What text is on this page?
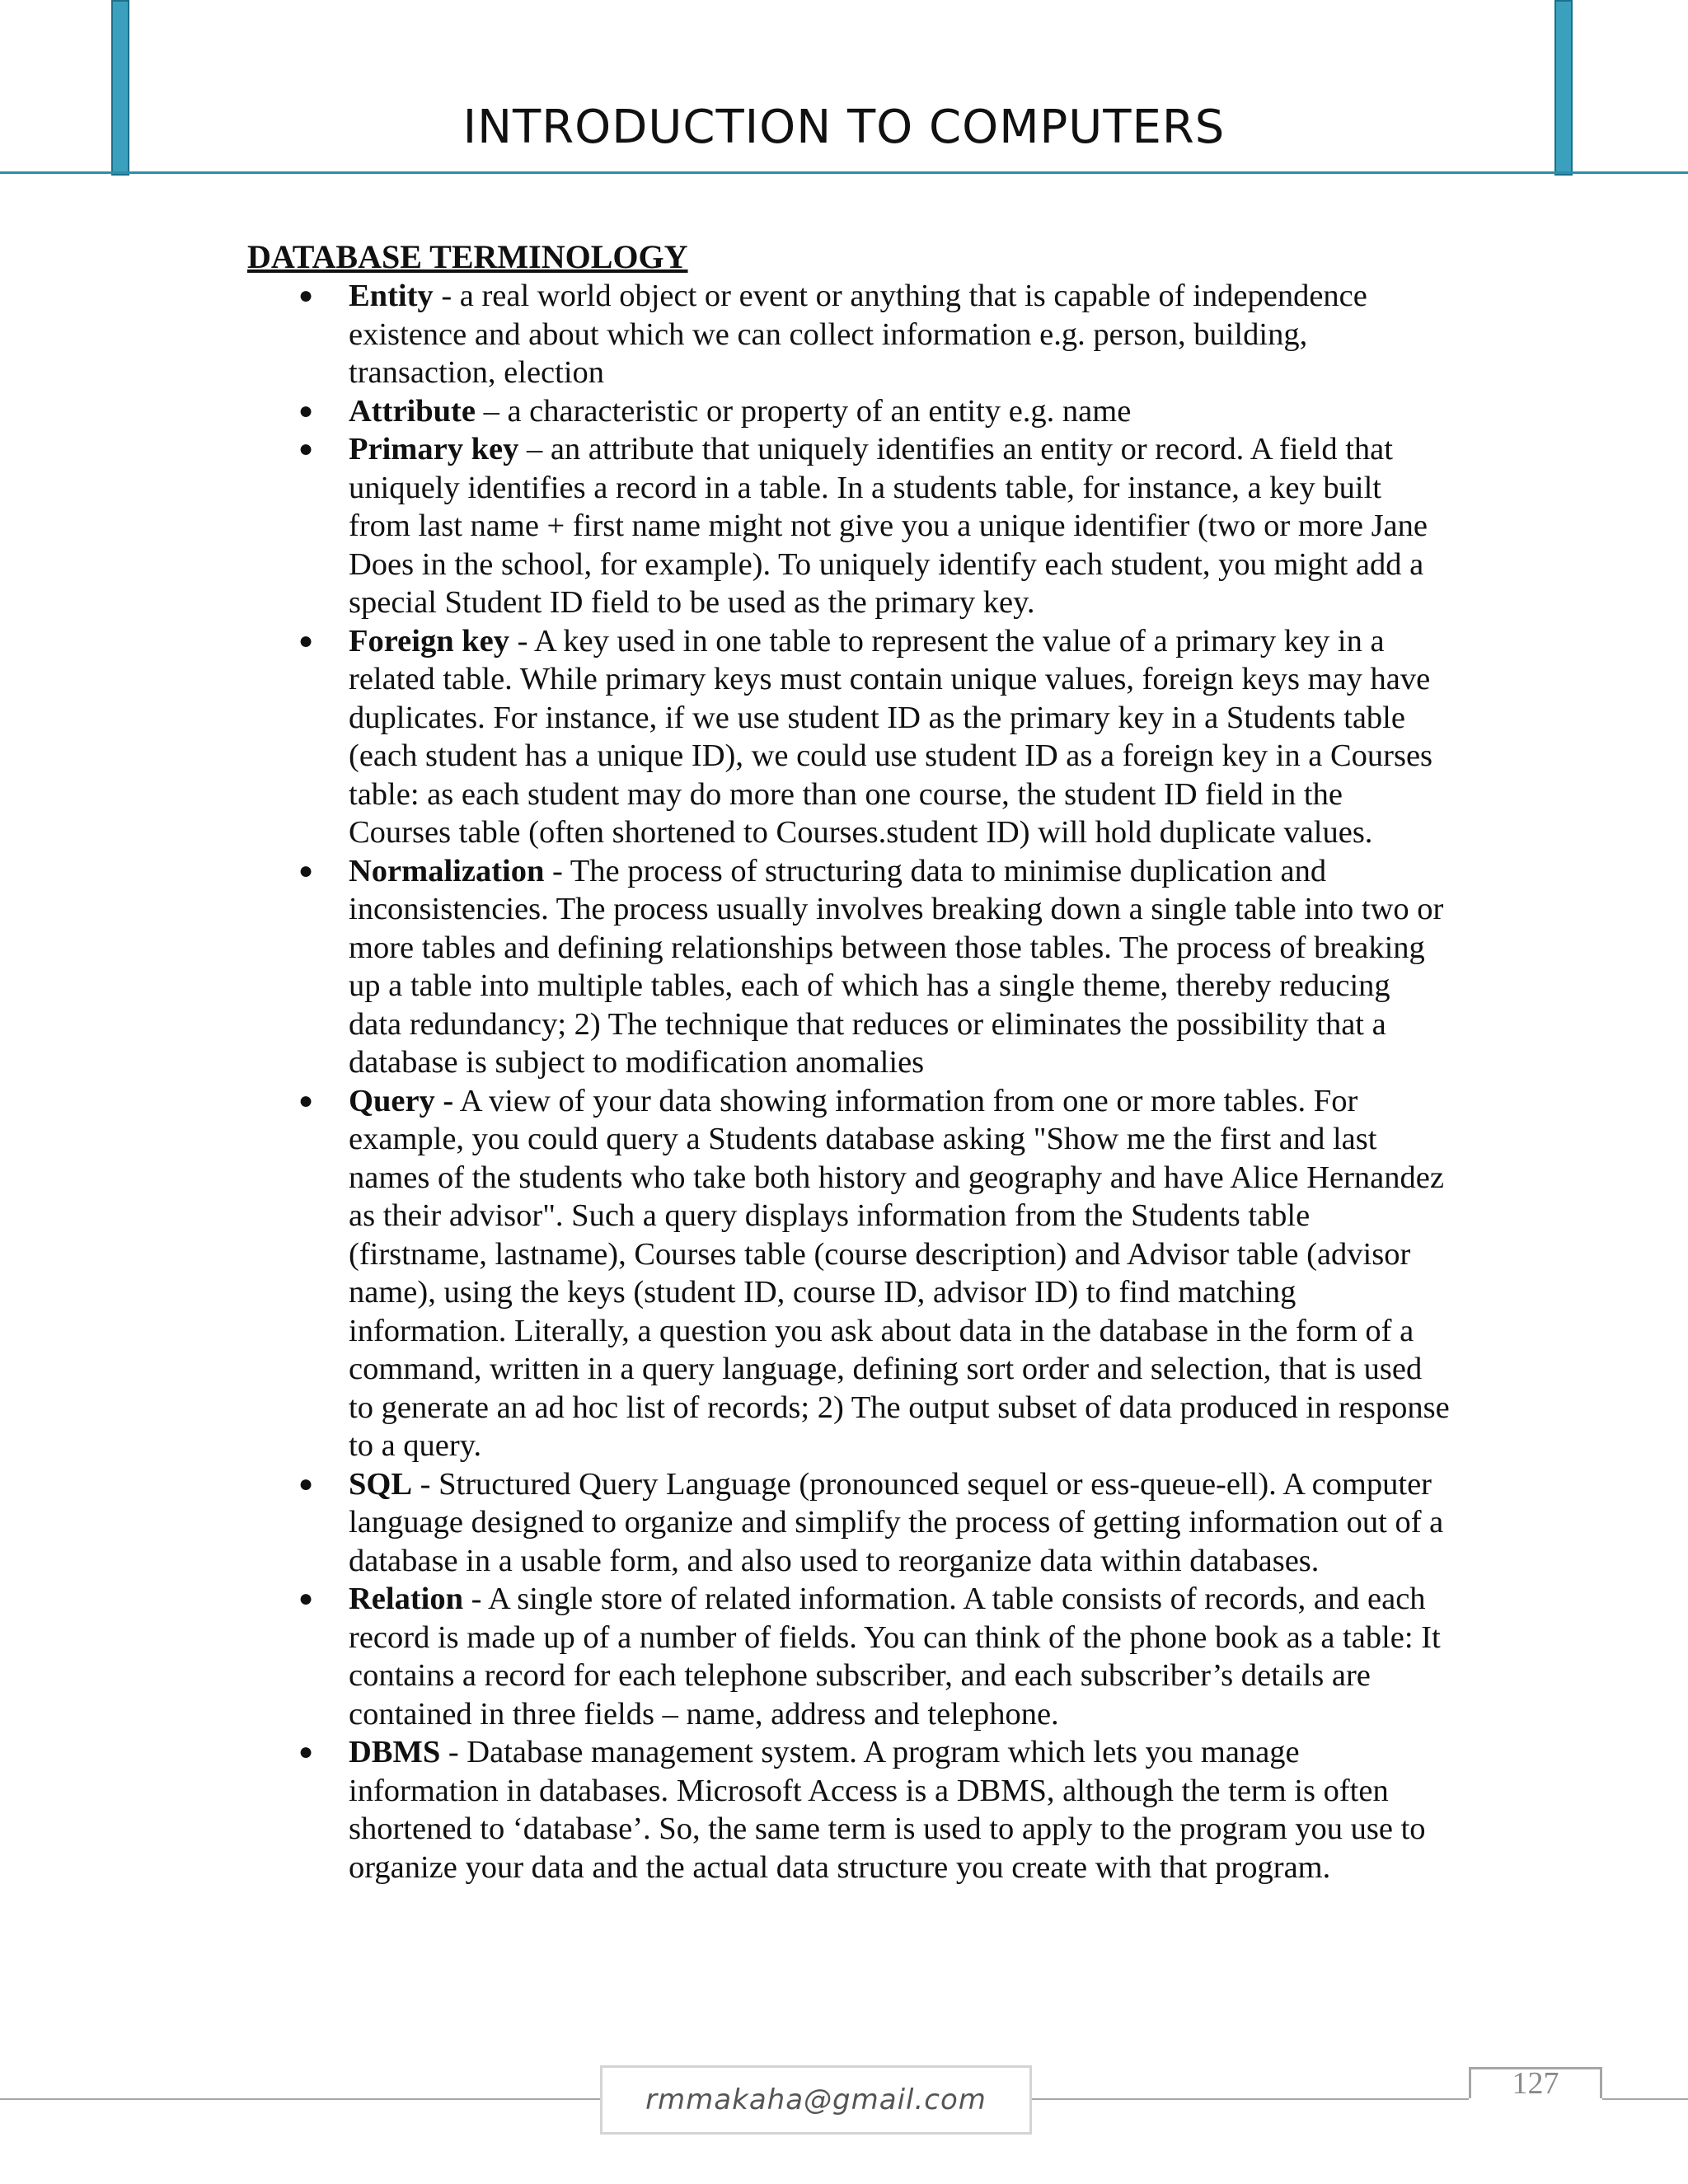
INTRODUCTION TO COMPUTERS
DATABASE TERMINOLOGY
● Entity - a real world object or event or anything that is capable of independence existence and about which we can collect information e.g. person, building, transaction, election
● Attribute – a characteristic or property of an entity e.g. name
● Primary key – an attribute that uniquely identifies an entity or record. A field that uniquely identifies a record in a table. In a students table, for instance, a key built from last name + first name might not give you a unique identifier (two or more Jane Does in the school, for example). To uniquely identify each student, you might add a special Student ID field to be used as the primary key.
● Foreign key - A key used in one table to represent the value of a primary key in a related table. While primary keys must contain unique values, foreign keys may have duplicates. For instance, if we use student ID as the primary key in a Students table (each student has a unique ID), we could use student ID as a foreign key in a Courses table: as each student may do more than one course, the student ID field in the Courses table (often shortened to Courses.student ID) will hold duplicate values.
● Normalization - The process of structuring data to minimise duplication and inconsistencies. The process usually involves breaking down a single table into two or more tables and defining relationships between those tables. The process of breaking up a table into multiple tables, each of which has a single theme, thereby reducing data redundancy; 2) The technique that reduces or eliminates the possibility that a database is subject to modification anomalies
● Query - A view of your data showing information from one or more tables. For example, you could query a Students database asking "Show me the first and last names of the students who take both history and geography and have Alice Hernandez as their advisor". Such a query displays information from the Students table (firstname, lastname), Courses table (course description) and Advisor table (advisor name), using the keys (student ID, course ID, advisor ID) to find matching information. Literally, a question you ask about data in the database in the form of a command, written in a query language, defining sort order and selection, that is used to generate an ad hoc list of records; 2) The output subset of data produced in response to a query.
● SQL - Structured Query Language (pronounced sequel or ess-queue-ell). A computer language designed to organize and simplify the process of getting information out of a database in a usable form, and also used to reorganize data within databases.
● Relation - A single store of related information. A table consists of records, and each record is made up of a number of fields. You can think of the phone book as a table: It contains a record for each telephone subscriber, and each subscriber’s details are contained in three fields – name, address and telephone.
● DBMS - Database management system. A program which lets you manage information in databases. Microsoft Access is a DBMS, although the term is often shortened to ‘database’. So, the same term is used to apply to the program you use to organize your data and the actual data structure you create with that program.
rmmakaha@gmail.com	127
